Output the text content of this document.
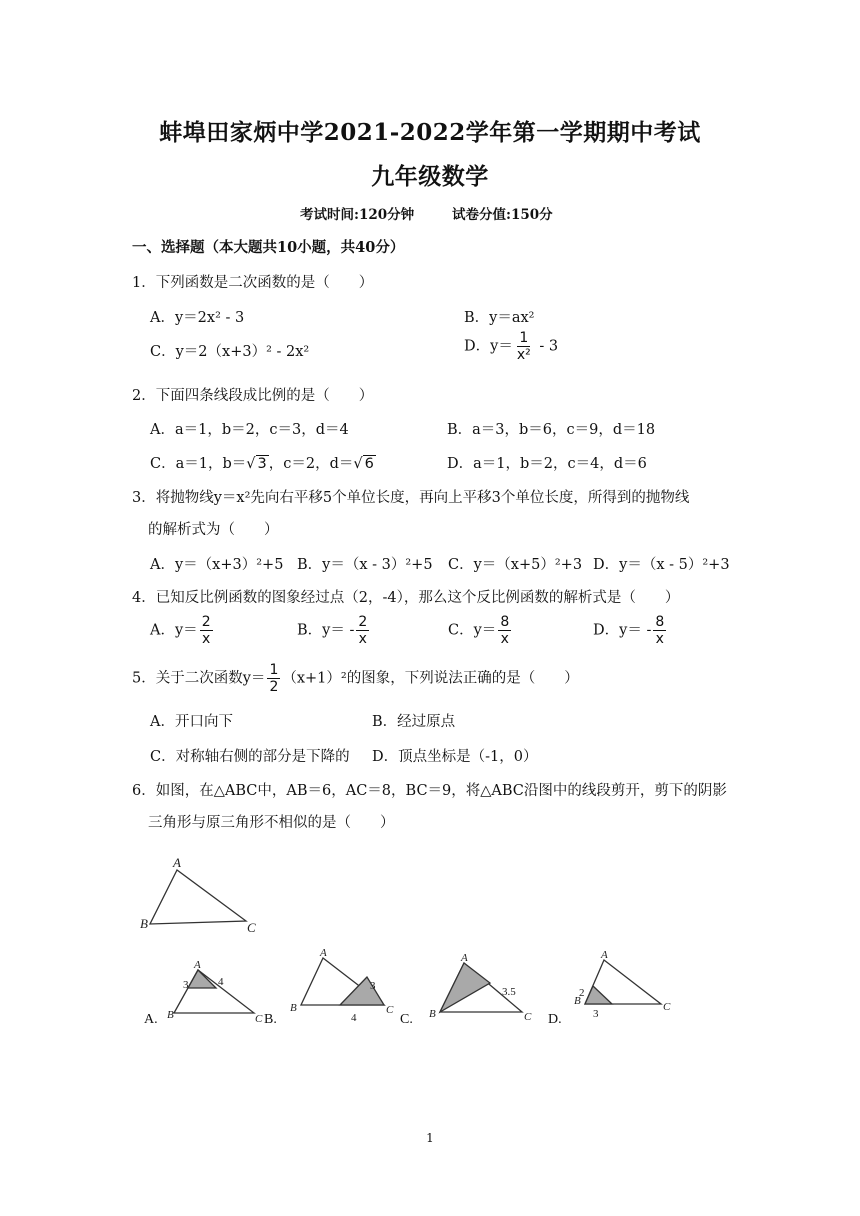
蚌埠田家炳中学2021-2022学年第一学期期中考试
九年级数学
考试时间:120分钟	试卷分值:150分
一、选择题（本大题共10小题，共40分）
1．下列函数是二次函数的是（　　）
A．y＝2x² ‐ 3	B．y＝ax²
C．y＝2（x+3）² ‐ 2x²	D．$y= \frac{1}{\text{x²}}$ ‐ 3
2．下面四条线段成比例的是（　　）
A．a＝1，b＝2，c＝3，d＝4	B．a＝3，b＝6，c＝9，d＝18
C．a＝1，b＝√ 3 ，c＝2，d＝√ 6	D．a＝1，b＝2，c＝4，d＝6
3．将抛物线y＝x²先向右平移5个单位长度，再向上平移3个单位长度，所得到的抛物线
的解析式为（　　）
A．y＝（x+3）²+5 B．y＝（x ‐ 3）²+5 C．y＝（x+5）²+3 D．y＝（x ‐ 5）²+3
4．已知反比例函数的图象经过点（2，‐4），那么这个反比例函数的解析式是（　　）
A．$y= \frac{2}{x}$	B．y＝ ‐ $\frac{2}{x}$	C．$y= \frac{8}{x}$	D．y＝ ‐ $\frac{8}{x}$
5．关于二次函数$y= \frac{1}{2} (x+1)^2$的图象，下列说法正确的是（　　）
A．开口向下	B．经过原点
C．对称轴右侧的部分是下降的 D．顶点坐标是（‐1，0）
6．如图，在△ABC中，AB＝6，AC＝8，BC＝9，将△ABC沿图中的线段剪开，剪下的阴影
三角形与原三角形不相似的是（　　）
A
B	C
A
B	C
A
B	C
A
B	C
A
B	C
3	4	3
4
3.5	2
3
A.	B.	C.	D.
1
